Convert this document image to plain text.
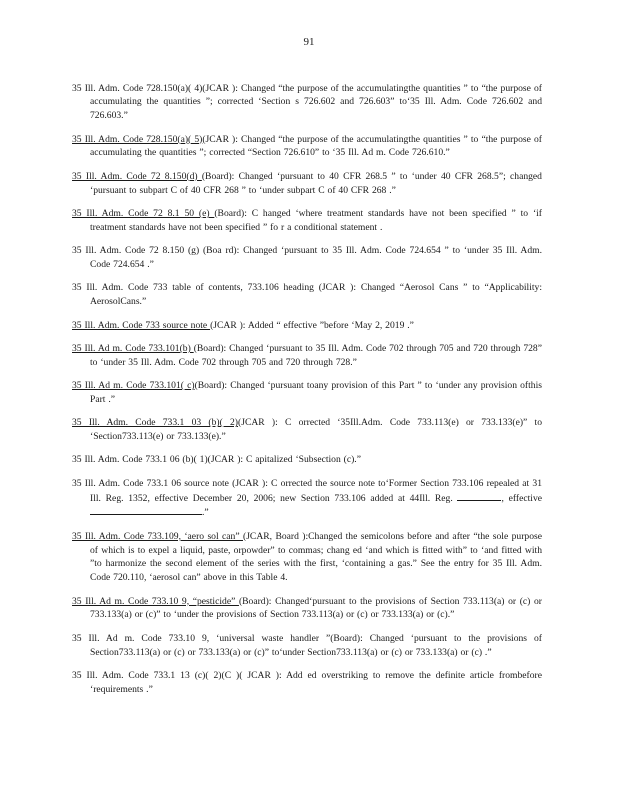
91

35 Ill. Adm. Code 728.150(a)( 4)(JCAR ): Changed “the purpose of the accumulatingthe quantities ” to “the purpose of accumulating the quantities ”; corrected ‘Section s 726.602 and 726.603” to‘35 Ill. Adm. Code 726.602 and 726.603.”

35 Ill. Adm. Code 728.150(a)( 5)(JCAR ): Changed “the purpose of the accumulatingthe quantities ” to “the purpose of accumulating the quantities ”; corrected “Section 726.610” to ‘35 Ill. Ad m. Code 726.610.”

35 Ill. Adm. Code 72 8.150(d) (Board): Changed ‘pursuant to 40 CFR 268.5 ” to ‘under 40 CFR 268.5”; changed ‘pursuant to subpart C of 40 CFR 268 ” to ‘under subpart C of 40 CFR 268 .”

35 Ill. Adm. Code 72 8.1 50 (e) (Board): C hanged ‘where treatment standards have not been specified ” to ‘if treatment standards have not been specified ” fo r a conditional statement .

35 Ill. Adm. Code 72 8.150 (g) (Boa rd): Changed ‘pursuant to 35 Ill. Adm. Code 724.654 ” to ‘under 35 Ill. Adm. Code 724.654 .”

35 Ill. Adm. Code 733 table of contents, 733.106 heading (JCAR ): Changed “Aerosol Cans ” to “Applicability: AerosolCans.”

35 Ill. Adm. Code 733 source note (JCAR ): Added “ effective ”before ‘May 2, 2019 .”

35 Ill. Ad m. Code 733.101(b) (Board): Changed ‘pursuant to 35 Ill. Adm. Code 702 through 705 and 720 through 728” to ‘under 35 Ill. Adm. Code 702 through 705 and 720 through 728.”

35 Ill. Ad m. Code 733.101( c)(Board): Changed ‘pursuant toany provision of this Part ” to ‘under any provision ofthis Part .”

35 Ill. Adm. Code 733.1 03 (b)( 2)(JCAR ): C orrected ‘35Ill.Adm. Code 733.113(e) or 733.133(e)” to ‘Section733.113(e) or 733.133(e).”

35 Ill. Adm. Code 733.1 06 (b)( 1)(JCAR ): C apitalized ‘Subsection (c).”

35 Ill. Adm. Code 733.1 06 source note (JCAR ): C orrected the source note to‘Former Section 733.106 repealed at 31 Ill. Reg. 1352, effective December 20, 2006; new Section 733.106 added at 44Ill. Reg.	, effective .”

35 Ill. Adm. Code 733.109, ‘aero sol can” (JCAR, Board ):Changed the semicolons before and after “the sole purpose of which is to expel a liquid, paste, orpowder” to commas; chang ed ‘and which is fitted with” to ‘and fitted with ”to harmonize the second element of the series with the first, ‘containing a gas.” See the entry for 35 Ill. Adm. Code 720.110, ‘aerosol can” above in this Table 4.

35 Ill. Ad m. Code 733.10 9, “pesticide” (Board): Changed‘pursuant to the provisions of Section 733.113(a) or (c) or 733.133(a) or (c)” to ‘under the provisions of Section 733.113(a) or (c) or 733.133(a) or (c).”

35 Ill. Ad m. Code 733.10 9, ‘universal waste handler ”(Board): Changed ‘pursuant to the provisions of Section733.113(a) or (c) or 733.133(a) or (c)” to‘under Section733.113(a) or (c) or 733.133(a) or (c) .”

35 Ill. Adm. Code 733.1 13 (c)( 2)(C )( JCAR ): Add ed overstriking to remove the definite article frombefore ‘requirements .”
